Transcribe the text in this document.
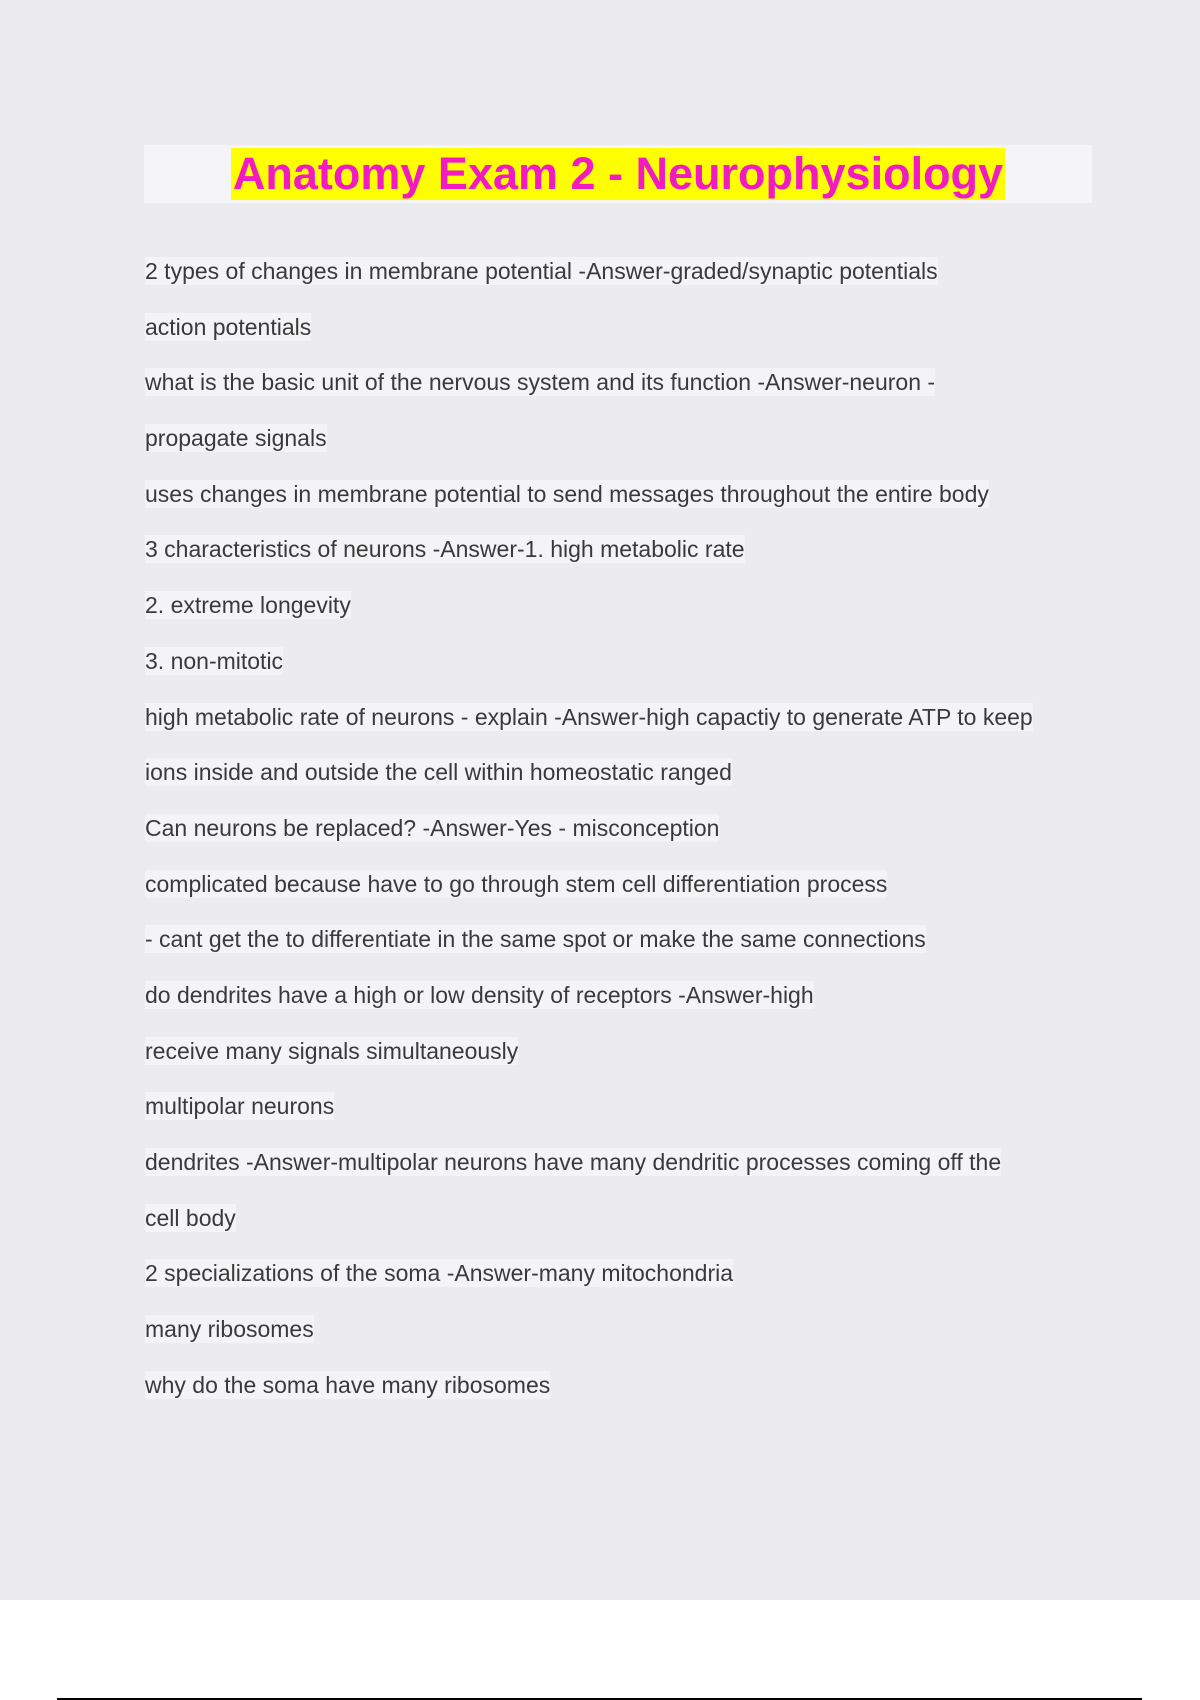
Anatomy Exam 2 - Neurophysiology
2 types of changes in membrane potential -Answer-graded/synaptic potentials
action potentials
what is the basic unit of the nervous system and its function -Answer-neuron -
propagate signals
uses changes in membrane potential to send messages throughout the entire body
3 characteristics of neurons -Answer-1. high metabolic rate
2. extreme longevity
3. non-mitotic
high metabolic rate of neurons - explain -Answer-high capactiy to generate ATP to keep
ions inside and outside the cell within homeostatic ranged
Can neurons be replaced? -Answer-Yes - misconception
complicated because have to go through stem cell differentiation process
- cant get the to differentiate in the same spot or make the same connections
do dendrites have a high or low density of receptors -Answer-high
receive many signals simultaneously
multipolar neurons
dendrites -Answer-multipolar neurons have many dendritic processes coming off the
cell body
2 specializations of the soma -Answer-many mitochondria
many ribosomes
why do the soma have many ribosomes
